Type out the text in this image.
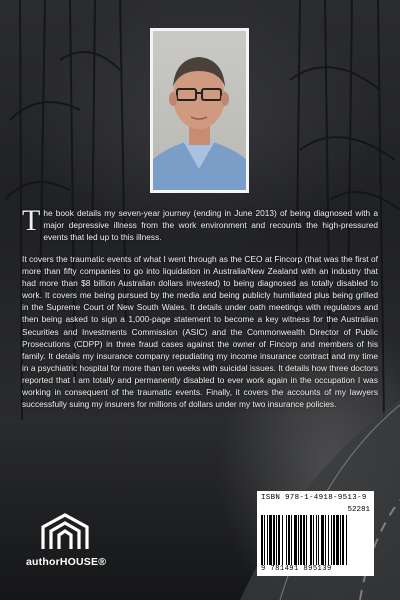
The book details my seven-year journey (ending in June 2013) of being diagnosed with a major depressive illness from the work environment and recounts the high-pressured events that led up to this illness.
It covers the traumatic events of what I went through as the CEO at Fincorp (that was the first of more than fifty companies to go into liquidation in Australia/New Zealand with an industry that had more than $8 billion Australian dollars invested) to being diagnosed as totally disabled to work. It covers me being pursued by the media and being publicly humiliated plus being grilled in the Supreme Court of New South Wales. It details under oath meetings with regulators and then being asked to sign a 1,000-page statement to become a key witness for the Australian Securities and Investments Commission (ASIC) and the Commonwealth Director of Public Prosecutions (CDPP) in three fraud cases against the owner of Fincorp and members of his family. It details my insurance company repudiating my income insurance contract and my time in a psychiatric hospital for more than ten weeks with suicidal issues. It details how three doctors reported that I am totally and permanently disabled to ever work again in the occupation I was working in consequent of the traumatic events. Finally, it covers the accounts of my lawyers successfully suing my insurers for millions of dollars under my two insurance policies.
authorHOUSE®
ISBN 978-1-4918-9513-9
52281
9 781491 895139
